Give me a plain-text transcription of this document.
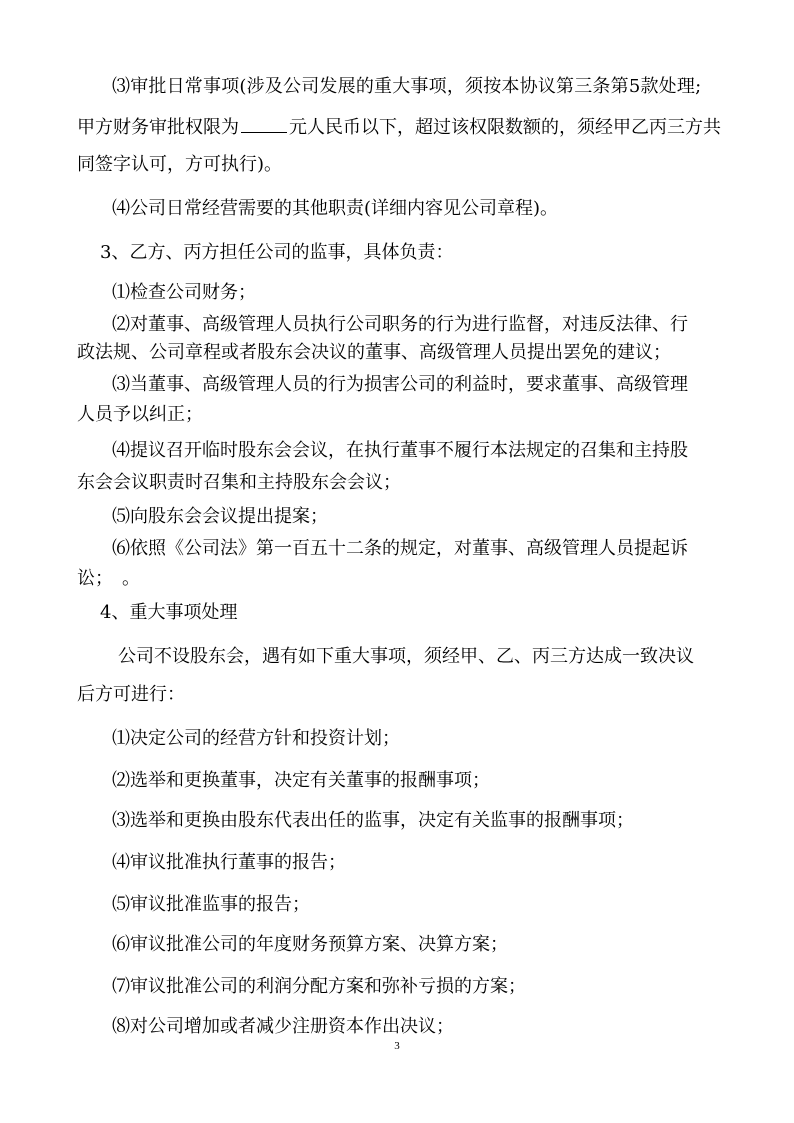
⑶审批日常事项(涉及公司发展的重大事项，须按本协议第三条第5款处理;
甲方财务审批权限为	元人民币以下，超过该权限数额的，须经甲乙丙三方共
同签字认可，方可执行)。
⑷公司日常经营需要的其他职责(详细内容见公司章程)。
3、乙方、丙方担任公司的监事，具体负责：
⑴检查公司财务；
⑵对董事、高级管理人员执行公司职务的行为进行监督，对违反法律、行
政法规、公司章程或者股东会决议的董事、高级管理人员提出罢免的建议；
⑶当董事、高级管理人员的行为损害公司的利益时，要求董事、高级管理
人员予以纠正；
⑷提议召开临时股东会会议，在执行董事不履行本法规定的召集和主持股
东会会议职责时召集和主持股东会会议；
⑸向股东会会议提出提案；
⑹依照《公司法》第一百五十二条的规定，对董事、高级管理人员提起诉
讼；　。
4、重大事项处理
公司不设股东会，遇有如下重大事项，须经甲、乙、丙三方达成一致决议
后方可进行：
⑴决定公司的经营方针和投资计划；
⑵选举和更换董事，决定有关董事的报酬事项；
⑶选举和更换由股东代表出任的监事，决定有关监事的报酬事项；
⑷审议批准执行董事的报告；
⑸审议批准监事的报告；
⑹审议批准公司的年度财务预算方案、决算方案；
⑺审议批准公司的利润分配方案和弥补亏损的方案；
⑻对公司增加或者减少注册资本作出决议；
3
